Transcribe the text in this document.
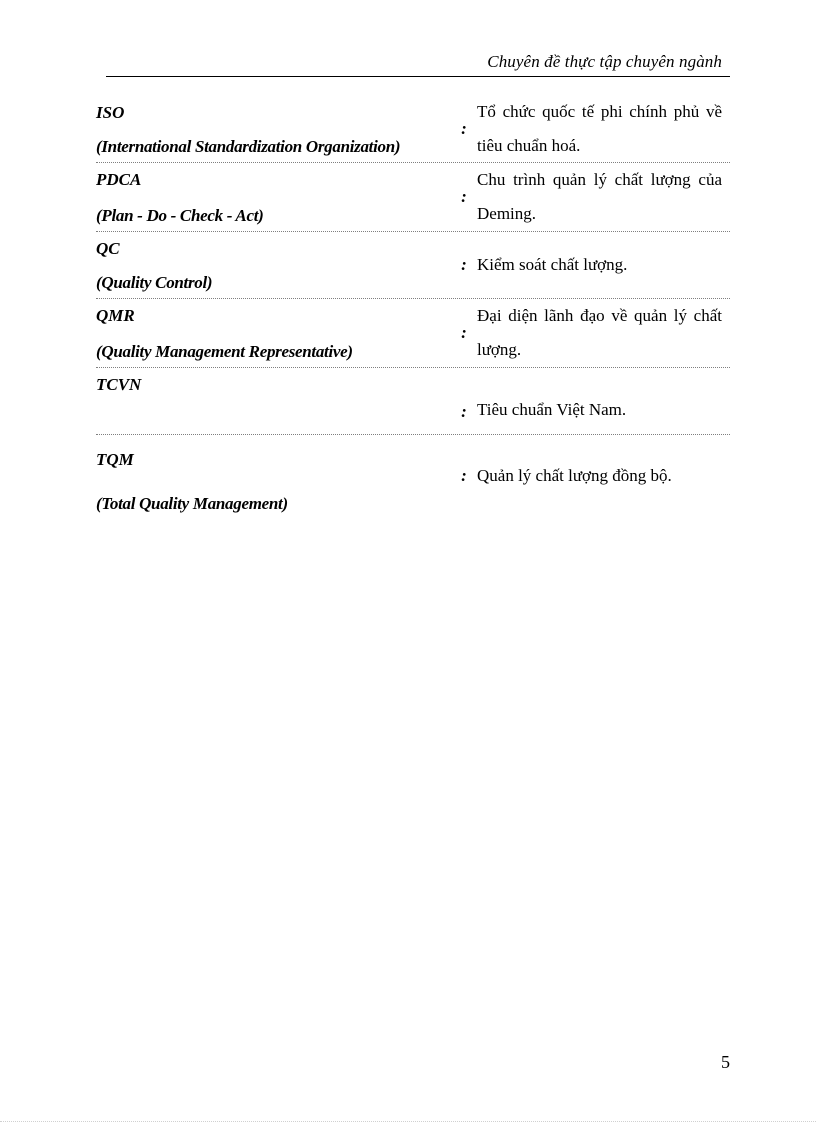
Chuyên đề thực tập chuyên ngành
ISO
(International Standardization Organization)
:
Tổ chức quốc tế phi chính phủ về tiêu chuẩn hoá.
PDCA
(Plan - Do - Check - Act)
:
Chu trình quản lý chất lượng của Deming.
QC
(Quality Control)
: Kiểm soát chất lượng.
QMR
(Quality Management Representative)
:
Đại diện lãnh đạo về quản lý chất lượng.
TCVN
: Tiêu chuẩn Việt Nam.
TQM
(Total Quality Management)
: Quản lý chất lượng đồng bộ.
5
